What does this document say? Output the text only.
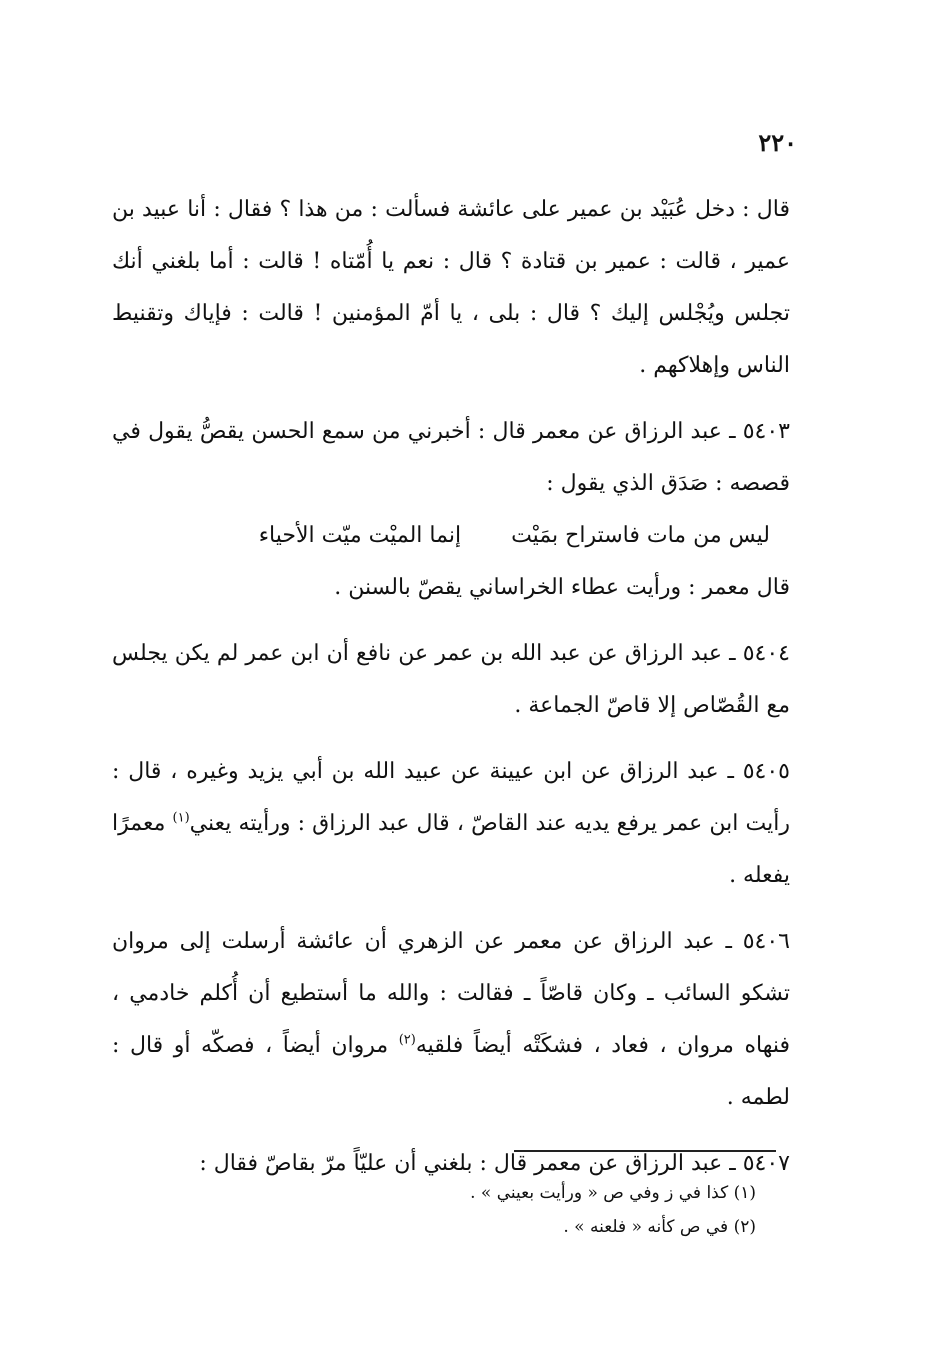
٢٢٠

قال : دخل عُبَيْد بن عمير على عائشة فسألت : من هذا ؟ فقال : أنا عبيد بن عمير ، قالت : عمير بن قتادة ؟ قال : نعم يا أُمّتاه ! قالت : أما بلغني أنك تجلس ويُجْلس إليك ؟ قال : بلى ، يا أمّ المؤمنين ! قالت : فإياك وتقنيط الناس وإهلاكهم .

٥٤٠٣ ـ عبد الرزاق عن معمر قال : أخبرني من سمع الحسن يقصُّ يقول في قصصه : صَدَق الذي يقول :

ليس من مات فاستراح بمَيْتإنما الميْت ميّت الأحياء

قال معمر : ورأيت عطاء الخراساني يقصّ بالسنن .

٥٤٠٤ ـ عبد الرزاق عن عبد الله بن عمر عن نافع أن ابن عمر لم يكن يجلس مع القُصّاص إلا قاصّ الجماعة .

٥٤٠٥ ـ عبد الرزاق عن ابن عيينة عن عبيد الله بن أبي يزيد وغيره ، قال : رأيت ابن عمر يرفع يديه عند القاصّ ، قال عبد الرزاق : ورأيته يعني$^{(١)}$ معمرًا يفعله .

٥٤٠٦ ـ عبد الرزاق عن معمر عن الزهري أن عائشة أرسلت إلى مروان تشكو السائب ـ وكان قاصّاً ـ فقالت : والله ما أستطيع أن أُكلم خادمي ، فنهاه مروان ، فعاد ، فشكَتْه أيضاً فلقيه$^{(٢)}$ مروان أيضاً ، فصكّه أو قال : لطمه .

٥٤٠٧ ـ عبد الرزاق عن معمر قال : بلغني أن عليّاً مرّ بقاصّ فقال :

(١) كذا في ز وفي ص « ورأيت بعيني » .

(٢) في ص كأنه « فلعنه » .
